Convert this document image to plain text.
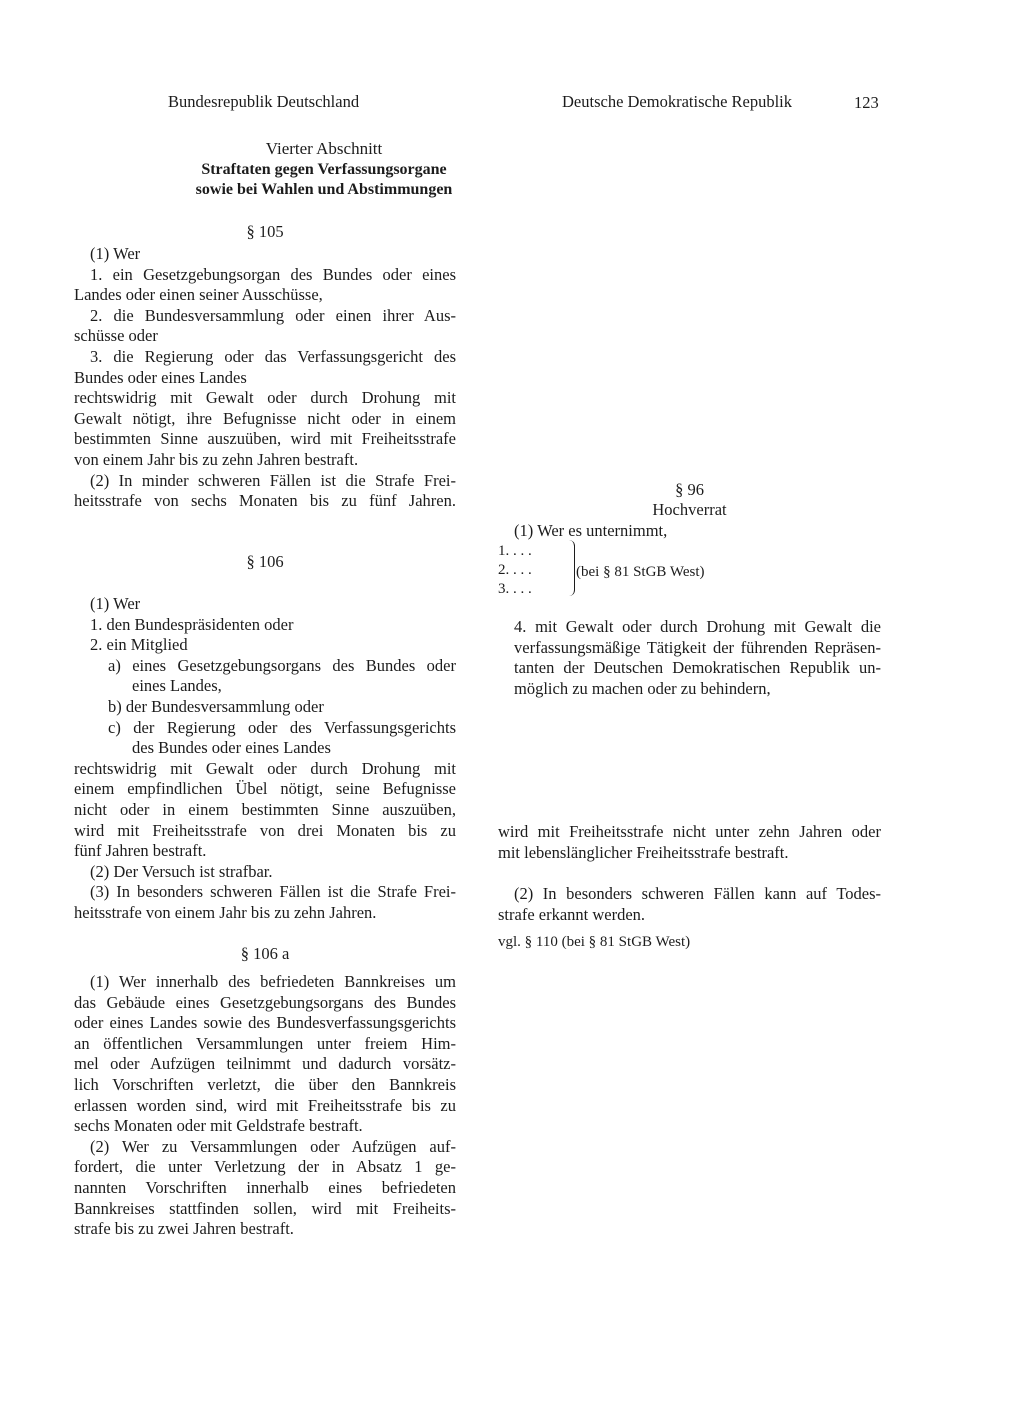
Bundesrepublik Deutschland	Deutsche Demokratische Republik	123
Vierter Abschnitt
Straftaten gegen Verfassungsorgane
sowie bei Wahlen und Abstimmungen
§ 105
(1) Wer
1. ein Gesetzgebungsorgan des Bundes oder eines
Landes oder einen seiner Ausschüsse,
2. die Bundesversammlung oder einen ihrer Aus-
schüsse oder
3. die Regierung oder das Verfassungsgericht des
Bundes oder eines Landes
rechtswidrig mit Gewalt oder durch Drohung mit
Gewalt nötigt, ihre Befugnisse nicht oder in einem
bestimmten Sinne auszuüben, wird mit Freiheitsstrafe
von einem Jahr bis zu zehn Jahren bestraft.
(2) In minder schweren Fällen ist die Strafe Frei-
heitsstrafe von sechs Monaten bis zu fünf Jahren.
§ 106
(1) Wer
1. den Bundespräsidenten oder
2. ein Mitglied
a) eines Gesetzgebungsorgans des Bundes oder
eines Landes,
b) der Bundesversammlung oder
c) der Regierung oder des Verfassungsgerichts
des Bundes oder eines Landes
rechtswidrig mit Gewalt oder durch Drohung mit
einem empfindlichen Übel nötigt, seine Befugnisse
nicht oder in einem bestimmten Sinne auszuüben,
wird mit Freiheitsstrafe von drei Monaten bis zu
fünf Jahren bestraft.
(2) Der Versuch ist strafbar.
(3) In besonders schweren Fällen ist die Strafe Frei-
heitsstrafe von einem Jahr bis zu zehn Jahren.
§ 106 a
(1) Wer innerhalb des befriedeten Bannkreises um
das Gebäude eines Gesetzgebungsorgans des Bundes
oder eines Landes sowie des Bundesverfassungsgerichts
an öffentlichen Versammlungen unter freiem Him-
mel oder Aufzügen teilnimmt und dadurch vorsätz-
lich Vorschriften verletzt, die über den Bannkreis
erlassen worden sind, wird mit Freiheitsstrafe bis zu
sechs Monaten oder mit Geldstrafe bestraft.
(2) Wer zu Versammlungen oder Aufzügen auf-
fordert, die unter Verletzung der in Absatz 1 ge-
nannten Vorschriften innerhalb eines befriedeten
Bannkreises stattfinden sollen, wird mit Freiheits-
strafe bis zu zwei Jahren bestraft.
§ 96
Hochverrat
(1) Wer es unternimmt,
1. . . .
2. . . .
3. . . .
(bei § 81 StGB West)
4. mit Gewalt oder durch Drohung mit Gewalt die
verfassungsmäßige Tätigkeit der führenden Repräsen-
tanten der Deutschen Demokratischen Republik un-
möglich zu machen oder zu behindern,
wird mit Freiheitsstrafe nicht unter zehn Jahren oder
mit lebenslänglicher Freiheitsstrafe bestraft.
(2) In besonders schweren Fällen kann auf Todes-
strafe erkannt werden.
vgl. § 110 (bei § 81 StGB West)
